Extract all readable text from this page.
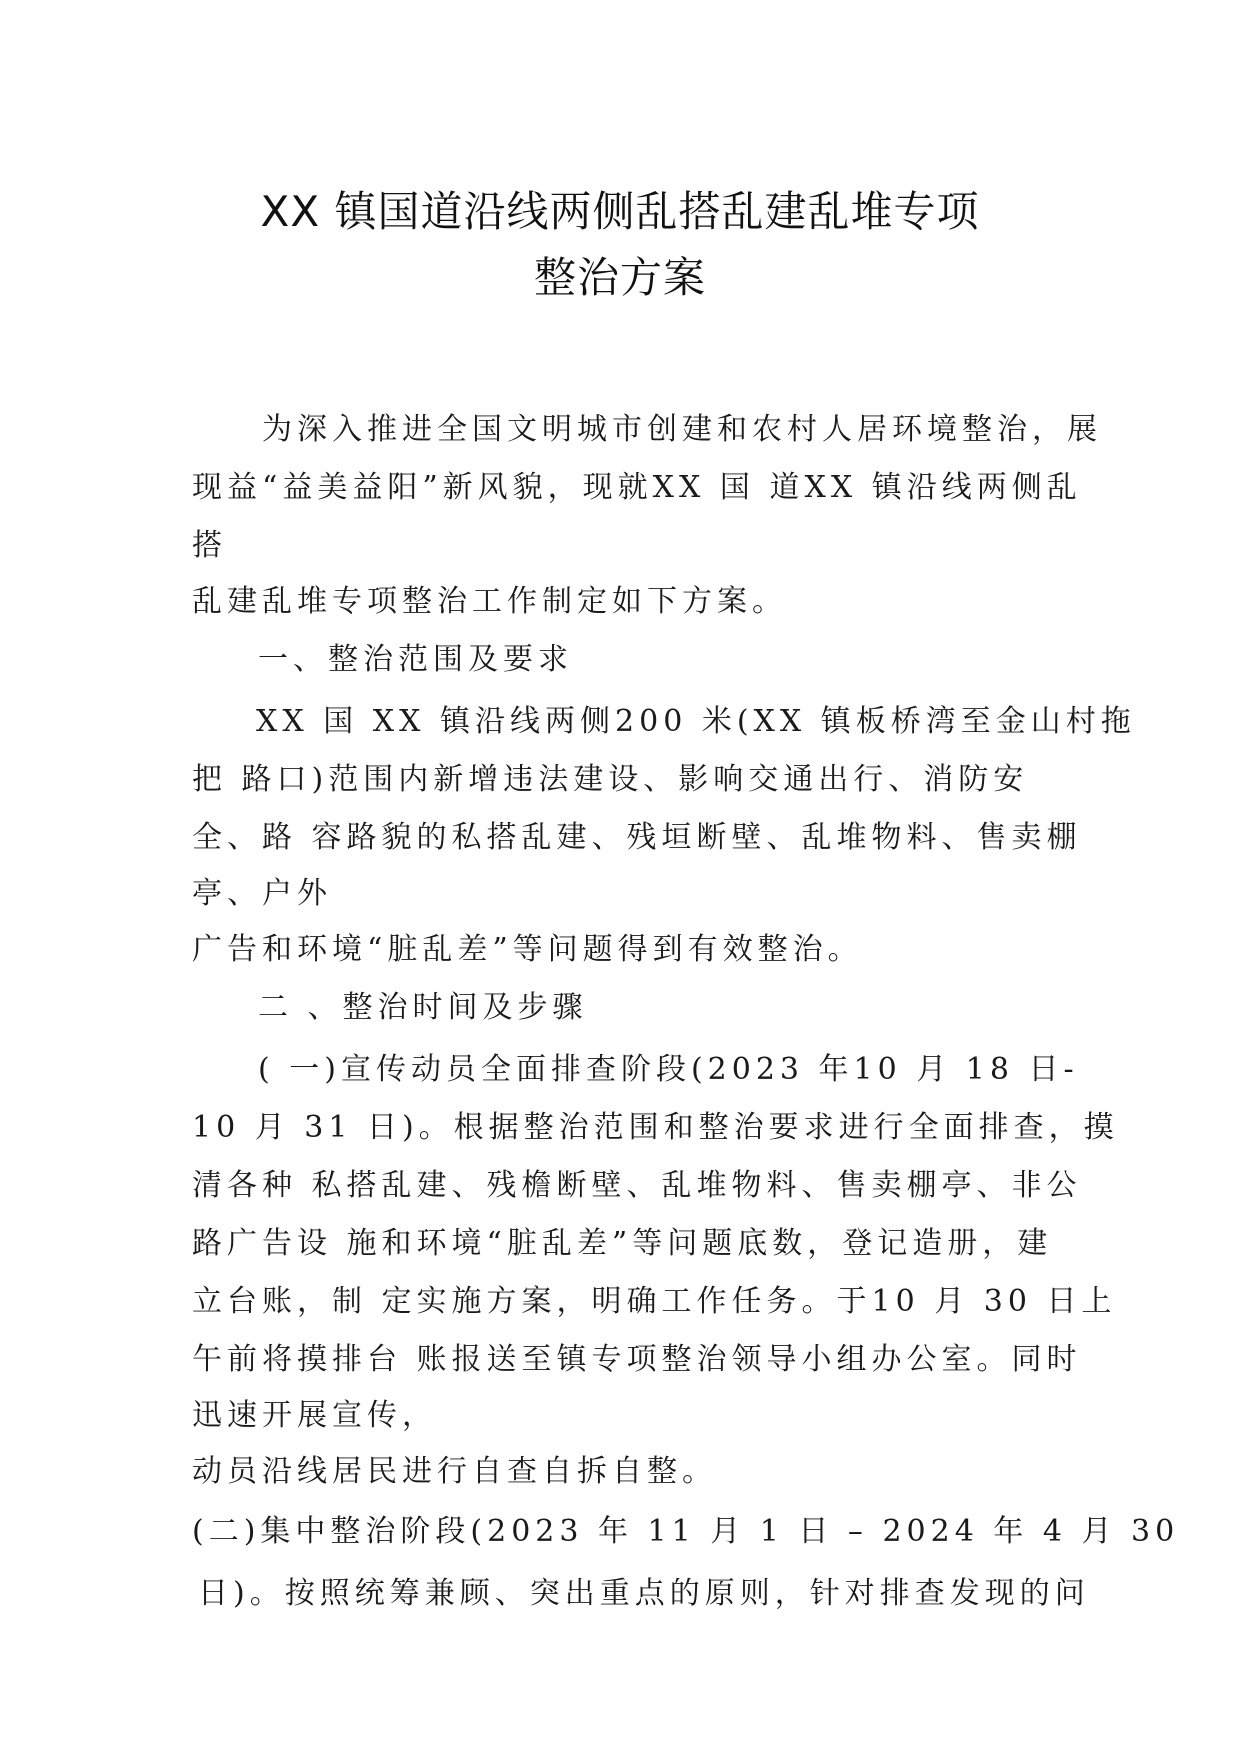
XX 镇国道沿线两侧乱搭乱建乱堆专项
整治方案
为深入推进全国文明城市创建和农村人居环境整治，展
现益“益美益阳”新风貌，现就XX 国 道XX 镇沿线两侧乱
搭
乱建乱堆专项整治工作制定如下方案。
一、整治范围及要求
XX 国 XX 镇沿线两侧200 米(XX 镇板桥湾至金山村拖
把 路口)范围内新增违法建设、影响交通出行、消防安
全、路 容路貌的私搭乱建、残垣断壁、乱堆物料、售卖棚
亭、户外
广告和环境“脏乱差”等问题得到有效整治。
二 、整治时间及步骤
( 一)宣传动员全面排查阶段(2023 年10 月 18 日-
10 月 31 日)。根据整治范围和整治要求进行全面排查，摸
清各种 私搭乱建、残檐断壁、乱堆物料、售卖棚亭、非公
路广告设 施和环境“脏乱差”等问题底数，登记造册，建
立台账，制 定实施方案，明确工作任务。于10 月 30 日上
午前将摸排台 账报送至镇专项整治领导小组办公室。同时
迅速开展宣传，
动员沿线居民进行自查自拆自整。
(二)集中整治阶段(2023 年 11 月 1 日 – 2024 年 4 月 30
日)。按照统筹兼顾、突出重点的原则，针对排查发现的问
